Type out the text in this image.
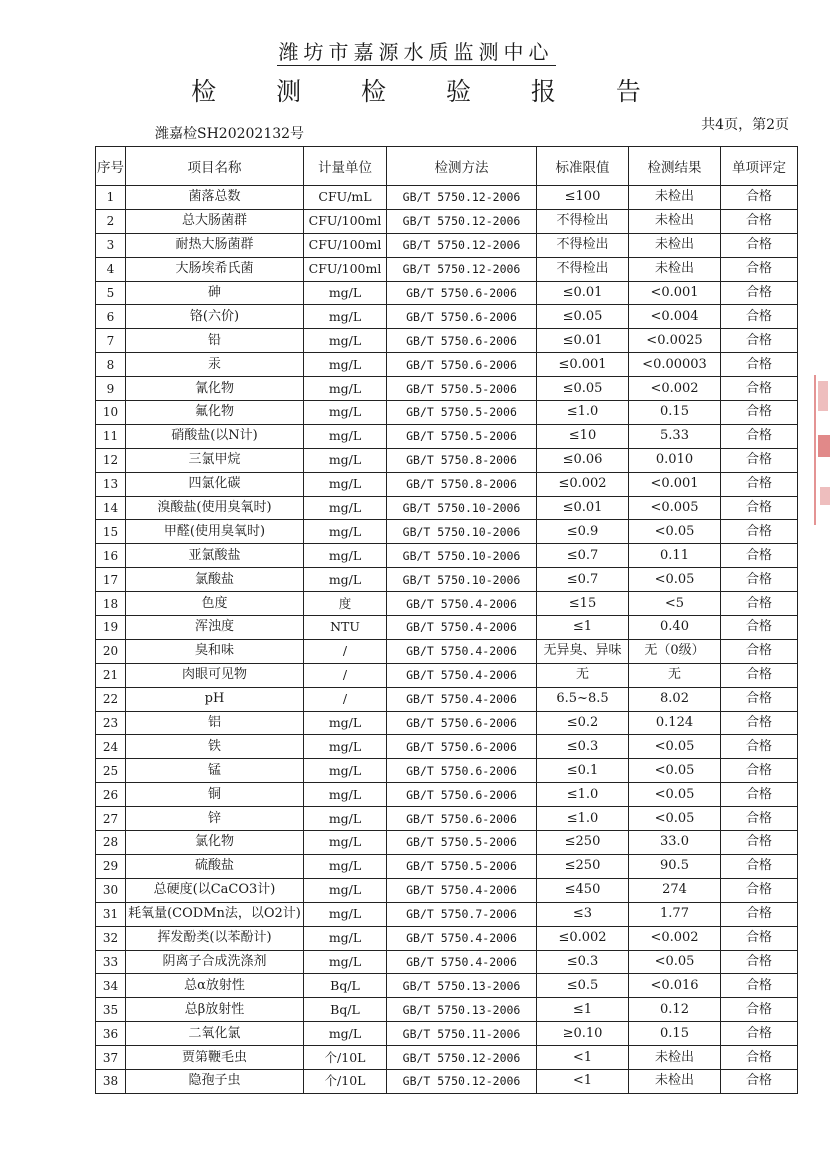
潍坊市嘉源水质监测中心
检 测 检 验 报 告
潍嘉检SH20202132号
共4页，第2页
序号	项目名称	计量单位	检测方法	标准限值	检测结果	单项评定
1	菌落总数	CFU/mL	GB/T 5750.12-2006	≤100	未检出	合格
2	总大肠菌群	CFU/100ml	GB/T 5750.12-2006	不得检出	未检出	合格
3	耐热大肠菌群	CFU/100ml	GB/T 5750.12-2006	不得检出	未检出	合格
4	大肠埃希氏菌	CFU/100ml	GB/T 5750.12-2006	不得检出	未检出	合格
5	砷	mg/L	GB/T 5750.6-2006	≤0.01	<0.001	合格
6	铬(六价)	mg/L	GB/T 5750.6-2006	≤0.05	<0.004	合格
7	铅	mg/L	GB/T 5750.6-2006	≤0.01	<0.0025	合格
8	汞	mg/L	GB/T 5750.6-2006	≤0.001	<0.00003	合格
9	氰化物	mg/L	GB/T 5750.5-2006	≤0.05	<0.002	合格
10	氟化物	mg/L	GB/T 5750.5-2006	≤1.0	0.15	合格
11	硝酸盐(以N计)	mg/L	GB/T 5750.5-2006	≤10	5.33	合格
12	三氯甲烷	mg/L	GB/T 5750.8-2006	≤0.06	0.010	合格
13	四氯化碳	mg/L	GB/T 5750.8-2006	≤0.002	<0.001	合格
14	溴酸盐(使用臭氧时)	mg/L	GB/T 5750.10-2006	≤0.01	<0.005	合格
15	甲醛(使用臭氧时)	mg/L	GB/T 5750.10-2006	≤0.9	<0.05	合格
16	亚氯酸盐	mg/L	GB/T 5750.10-2006	≤0.7	0.11	合格
17	氯酸盐	mg/L	GB/T 5750.10-2006	≤0.7	<0.05	合格
18	色度	度	GB/T 5750.4-2006	≤15	<5	合格
19	浑浊度	NTU	GB/T 5750.4-2006	≤1	0.40	合格
20	臭和味	/	GB/T 5750.4-2006	无异臭、异味	无（0级）	合格
21	肉眼可见物	/	GB/T 5750.4-2006	无	无	合格
22	pH	/	GB/T 5750.4-2006	6.5~8.5	8.02	合格
23	铝	mg/L	GB/T 5750.6-2006	≤0.2	0.124	合格
24	铁	mg/L	GB/T 5750.6-2006	≤0.3	<0.05	合格
25	锰	mg/L	GB/T 5750.6-2006	≤0.1	<0.05	合格
26	铜	mg/L	GB/T 5750.6-2006	≤1.0	<0.05	合格
27	锌	mg/L	GB/T 5750.6-2006	≤1.0	<0.05	合格
28	氯化物	mg/L	GB/T 5750.5-2006	≤250	33.0	合格
29	硫酸盐	mg/L	GB/T 5750.5-2006	≤250	90.5	合格
30	总硬度(以CaCO3计)	mg/L	GB/T 5750.4-2006	≤450	274	合格
31	耗氧量(CODMn法，以O2计)	mg/L	GB/T 5750.7-2006	≤3	1.77	合格
32	挥发酚类(以苯酚计)	mg/L	GB/T 5750.4-2006	≤0.002	<0.002	合格
33	阴离子合成洗涤剂	mg/L	GB/T 5750.4-2006	≤0.3	<0.05	合格
34	总α放射性	Bq/L	GB/T 5750.13-2006	≤0.5	<0.016	合格
35	总β放射性	Bq/L	GB/T 5750.13-2006	≤1	0.12	合格
36	二氧化氯	mg/L	GB/T 5750.11-2006	≥0.10	0.15	合格
37	贾第鞭毛虫	个/10L	GB/T 5750.12-2006	<1	未检出	合格
38	隐孢子虫	个/10L	GB/T 5750.12-2006	<1	未检出	合格
